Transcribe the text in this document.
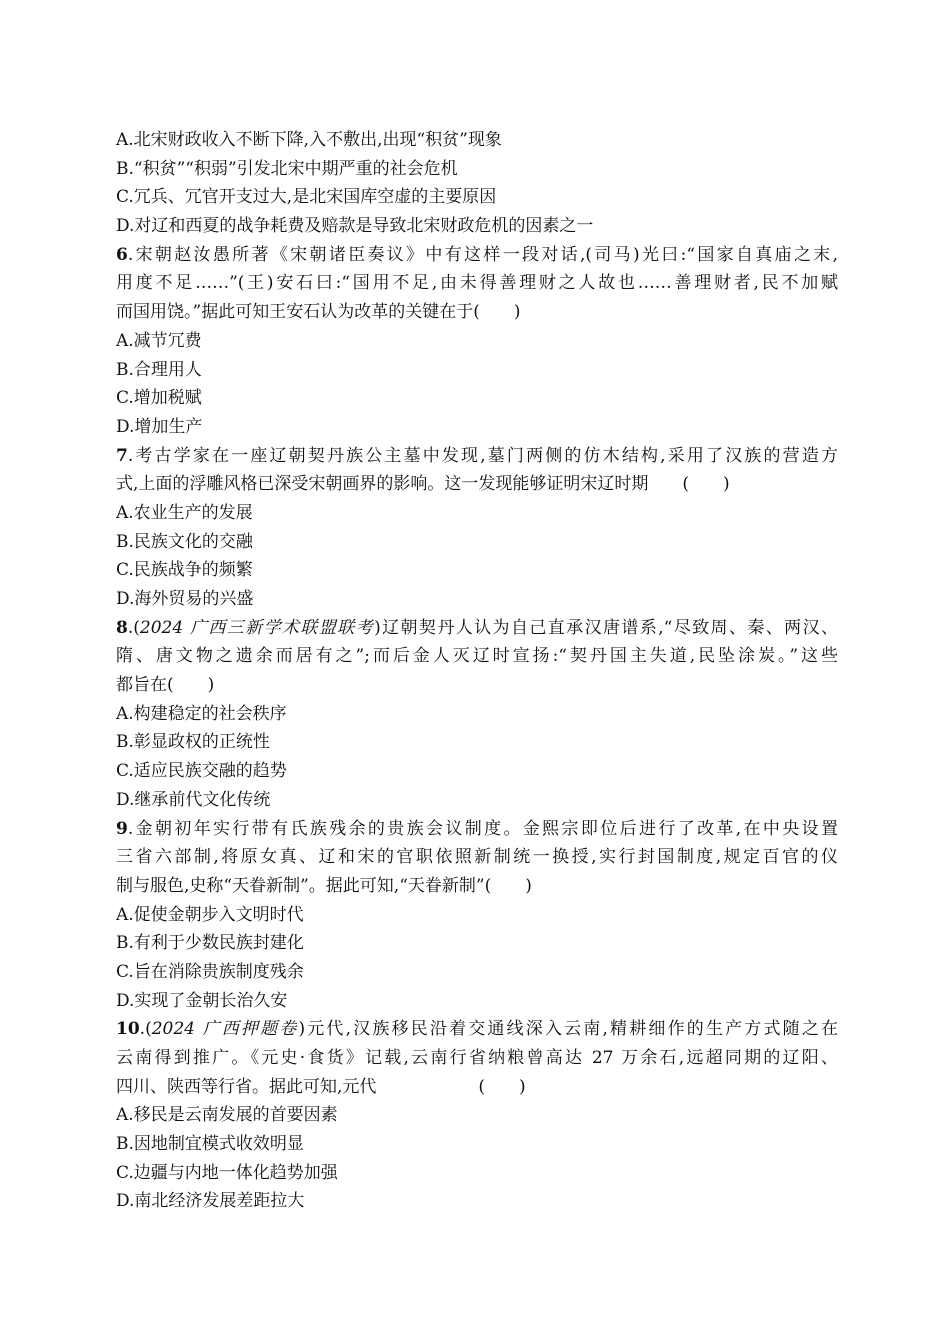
A.北宋财政收入不断下降,入不敷出,出现“积贫”现象
B.“积贫”“积弱”引发北宋中期严重的社会危机
C.冗兵、冗官开支过大,是北宋国库空虚的主要原因
D.对辽和西夏的战争耗费及赔款是导致北宋财政危机的因素之一
6.宋朝赵汝愚所著《宋朝诸臣奏议》中有这样一段对话,(司马)光曰:“国家自真庙之末,
用度不足……”(王)安石曰:“国用不足,由未得善理财之人故也……善理财者,民不加赋
而国用饶。”据此可知王安石认为改革的关键在于(　　)
A.减节冗费
B.合理用人
C.增加税赋
D.增加生产
7.考古学家在一座辽朝契丹族公主墓中发现,墓门两侧的仿木结构,采用了汉族的营造方
式,上面的浮雕风格已深受宋朝画界的影响。这一发现能够证明宋辽时期　　(　　)
A.农业生产的发展
B.民族文化的交融
C.民族战争的频繁
D.海外贸易的兴盛
8.(2024 广西三新学术联盟联考)辽朝契丹人认为自己直承汉唐谱系,“尽致周、秦、两汉、
隋、唐文物之遗余而居有之”;而后金人灭辽时宣扬:“契丹国主失道,民坠涂炭。”这些
都旨在(　　)
A.构建稳定的社会秩序
B.彰显政权的正统性
C.适应民族交融的趋势
D.继承前代文化传统
9.金朝初年实行带有氏族残余的贵族会议制度。金熙宗即位后进行了改革,在中央设置
三省六部制,将原女真、辽和宋的官职依照新制统一换授,实行封国制度,规定百官的仪
制与服色,史称“天眷新制”。据此可知,“天眷新制”(　　)
A.促使金朝步入文明时代
B.有利于少数民族封建化
C.旨在消除贵族制度残余
D.实现了金朝长治久安
10.(2024 广西押题卷)元代,汉族移民沿着交通线深入云南,精耕细作的生产方式随之在
云南得到推广。《元史·食货》记载,云南行省纳粮曾高达 27 万余石,远超同期的辽阳、
四川、陕西等行省。据此可知,元代　　　　　　(　　)
A.移民是云南发展的首要因素
B.因地制宜模式收效明显
C.边疆与内地一体化趋势加强
D.南北经济发展差距拉大
